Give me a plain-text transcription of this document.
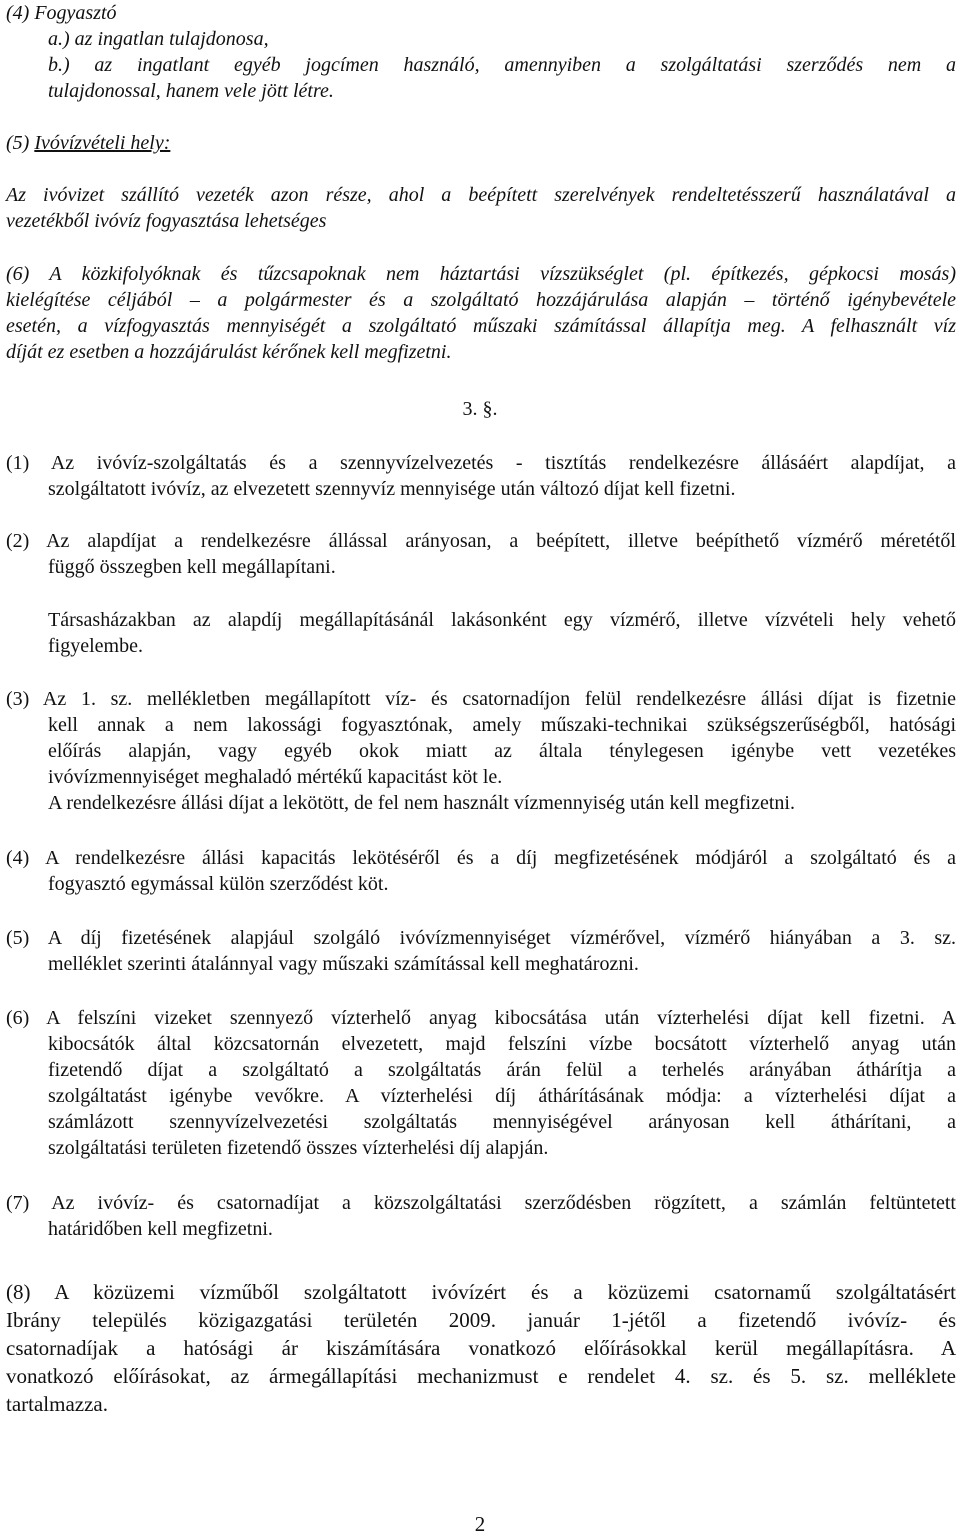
(4) Fogyasztó
a.) az ingatlan tulajdonosa,
b.) az ingatlant egyéb jogcímen használó, amennyiben a szolgáltatási szerződés nem a
tulajdonossal, hanem vele jött létre.
(5) Ivóvízvételi hely:
Az ivóvizet szállító vezeték azon része, ahol a beépített szerelvények rendeltetésszerű használatával a
vezetékből ivóvíz fogyasztása lehetséges
(6) A közkifolyóknak és tűzcsapoknak nem háztartási vízszükséglet (pl. építkezés, gépkocsi mosás)
kielégítése céljából – a polgármester és a szolgáltató hozzájárulása alapján – történő igénybevétele
esetén, a vízfogyasztás mennyiségét a szolgáltató műszaki számítással állapítja meg. A felhasznált víz
díját ez esetben a hozzájárulást kérőnek kell megfizetni.
3. §.
(1) Az ivóvíz-szolgáltatás és a szennyvízelvezetés - tisztítás rendelkezésre állásáért alapdíjat, a
szolgáltatott ivóvíz, az elvezetett szennyvíz mennyisége után változó díjat kell fizetni.
(2) Az alapdíjat a rendelkezésre állással arányosan, a beépített, illetve beépíthető vízmérő méretétől
függő összegben kell megállapítani.
Társasházakban az alapdíj megállapításánál lakásonként egy vízmérő, illetve vízvételi hely vehető
figyelembe.
(3) Az 1. sz. mellékletben megállapított víz- és csatornadíjon felül rendelkezésre állási díjat is fizetnie
kell annak a nem lakossági fogyasztónak, amely műszaki-technikai szükségszerűségből, hatósági
előírás alapján, vagy egyéb okok miatt az általa ténylegesen igénybe vett vezetékes
ivóvízmennyiséget meghaladó mértékű kapacitást köt le.
A rendelkezésre állási díjat a lekötött, de fel nem használt vízmennyiség után kell megfizetni.
(4) A rendelkezésre állási kapacitás lekötéséről és a díj megfizetésének módjáról a szolgáltató és a
fogyasztó egymással külön szerződést köt.
(5) A díj fizetésének alapjául szolgáló ivóvízmennyiséget vízmérővel, vízmérő hiányában a 3. sz.
melléklet szerinti átalánnyal vagy műszaki számítással kell meghatározni.
(6) A felszíni vizeket szennyező vízterhelő anyag kibocsátása után vízterhelési díjat kell fizetni. A
kibocsátók által közcsatornán elvezetett, majd felszíni vízbe bocsátott vízterhelő anyag után
fizetendő díjat a szolgáltató a szolgáltatás árán felül a terhelés arányában áthárítja a
szolgáltatást igénybe vevőkre. A vízterhelési díj áthárításának módja: a vízterhelési díjat a
számlázott szennyvízelvezetési szolgáltatás mennyiségével arányosan kell áthárítani, a
szolgáltatási területen fizetendő összes vízterhelési díj alapján.
(7) Az ivóvíz- és csatornadíjat a közszolgáltatási szerződésben rögzített, a számlán feltüntetett
határidőben kell megfizetni.
(8) A közüzemi vízműből szolgáltatott ivóvízért és a közüzemi csatornamű szolgáltatásért
Ibrány település közigazgatási területén 2009. január 1-jétől a fizetendő ivóvíz- és
csatornadíjak a hatósági ár kiszámítására vonatkozó előírásokkal kerül megállapításra. A
vonatkozó előírásokat, az ármegállapítási mechanizmust e rendelet 4. sz. és 5. sz. melléklete
tartalmazza.
2
